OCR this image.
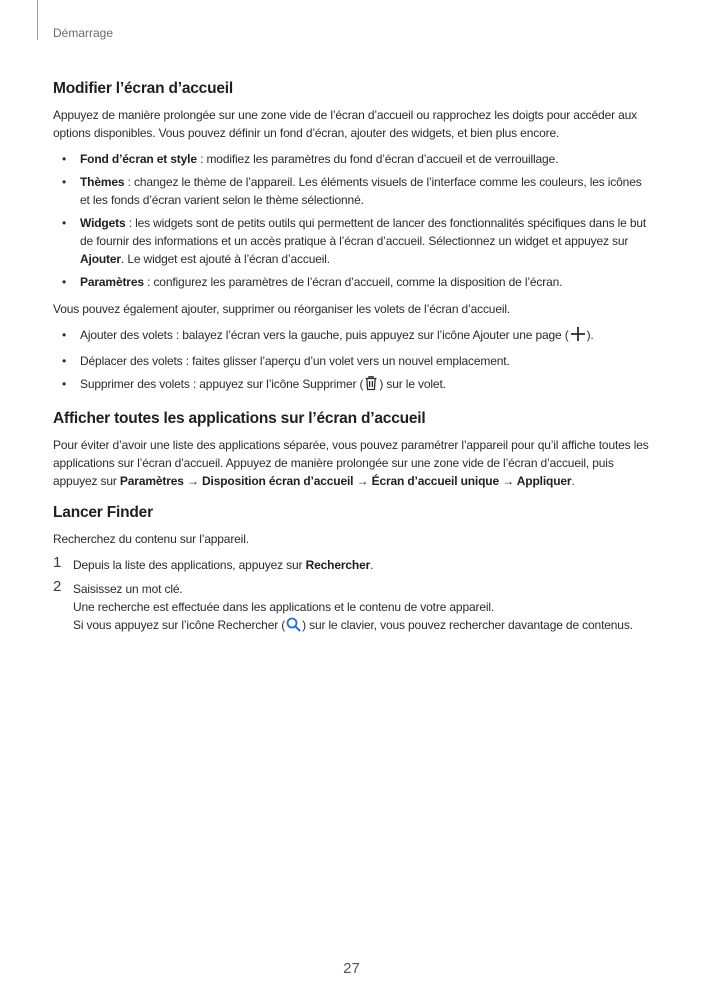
Démarrage
Modifier l’écran d’accueil

Appuyez de manière prolongée sur une zone vide de l’écran d’accueil ou rapprochez les doigts pour accéder aux options disponibles. Vous pouvez définir un fond d’écran, ajouter des widgets, et bien plus encore.

• Fond d’écran et style : modifiez les paramètres du fond d’écran d’accueil et de verrouillage.
• Thèmes : changez le thème de l’appareil. Les éléments visuels de l’interface comme les couleurs, les icônes et les fonds d’écran varient selon le thème sélectionné.
• Widgets : les widgets sont de petits outils qui permettent de lancer des fonctionnalités spécifiques dans le but de fournir des informations et un accès pratique à l’écran d’accueil. Sélectionnez un widget et appuyez sur Ajouter. Le widget est ajouté à l’écran d’accueil.
• Paramètres : configurez les paramètres de l’écran d’accueil, comme la disposition de l’écran.

Vous pouvez également ajouter, supprimer ou réorganiser les volets de l’écran d’accueil.

• Ajouter des volets : balayez l’écran vers la gauche, puis appuyez sur l’icône Ajouter une page ( ).
• Déplacer des volets : faites glisser l’aperçu d’un volet vers un nouvel emplacement.
• Supprimer des volets : appuyez sur l’icône Supprimer ( ) sur le volet.
Afficher toutes les applications sur l’écran d’accueil

Pour éviter d’avoir une liste des applications séparée, vous pouvez paramétrer l’appareil pour qu’il affiche toutes les applications sur l’écran d’accueil. Appuyez de manière prolongée sur une zone vide de l’écran d’accueil, puis appuyez sur Paramètres → Disposition écran d’accueil → Écran d’accueil unique → Appliquer.

Lancer Finder

Recherchez du contenu sur l’appareil.

1 Depuis la liste des applications, appuyez sur Rechercher.
2 Saisissez un mot clé.
Une recherche est effectuée dans les applications et le contenu de votre appareil.
Si vous appuyez sur l’icône Rechercher ( ) sur le clavier, vous pouvez rechercher davantage de contenus.
27
